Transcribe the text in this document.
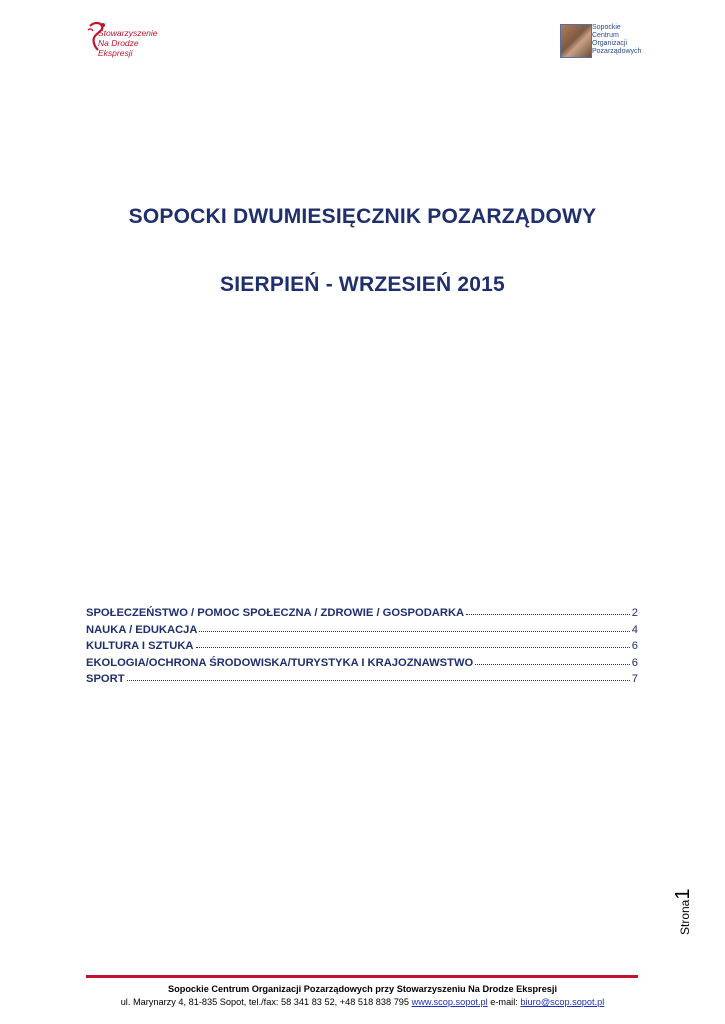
Stowarzyszenie
Na Drodze Ekspresji
Sopockie
Centrum
Organizacji
Pozarządowych
SOPOCKI DWUMIESIĘCZNIK POZARZĄDOWY
SIERPIEŃ - WRZESIEŃ 2015
SPOŁECZEŃSTWO / POMOC SPOŁECZNA / ZDROWIE / GOSPODARKA	2
NAUKA / EDUKACJA	4
KULTURA I SZTUKA	6
EKOLOGIA/OCHRONA ŚRODOWISKA/TURYSTYKA I KRAJOZNAWSTWO	6
SPORT	7
Strona1
Sopockie Centrum Organizacji Pozarządowych przy Stowarzyszeniu Na Drodze Ekspresji
ul. Marynarzy 4, 81-835 Sopot, tel./fax: 58 341 83 52, +48 518 838 795 www.scop.sopot.pl e-mail: biuro@scop.sopot.pl
